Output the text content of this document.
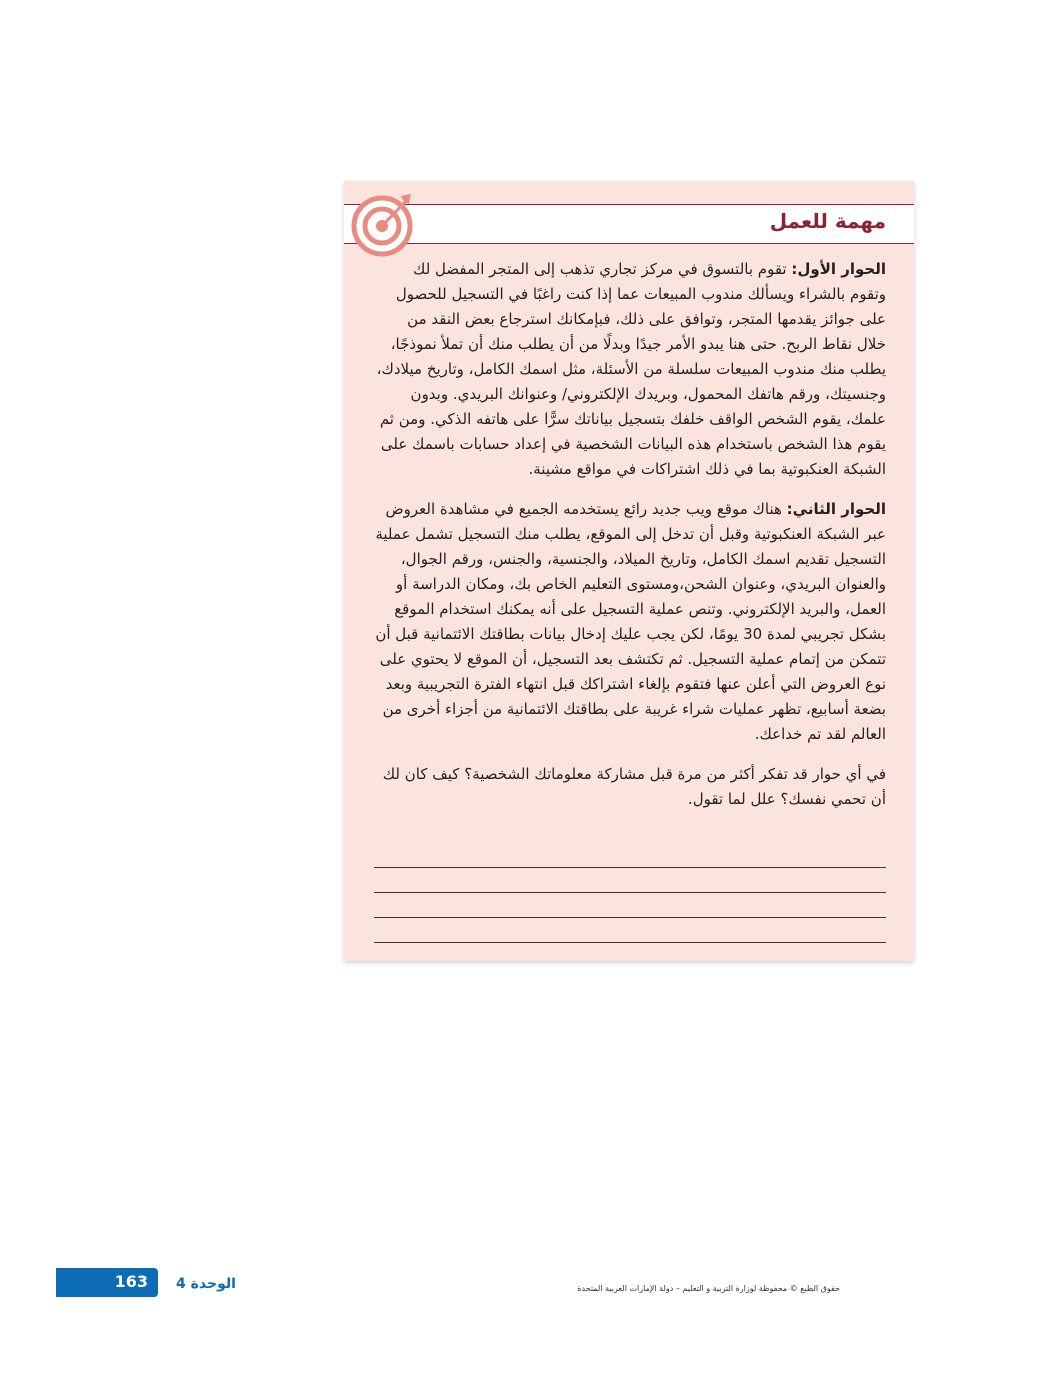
مهمة للعمل

الحوار الأول: تقوم بالتسوق في مركز تجاري تذهب إلى المتجر المفضل لك وتقوم بالشراء ويسألك مندوب المبيعات عما إذا كنت راغبًا في التسجيل للحصول على جوائز يقدمها المتجر، وتوافق على ذلك، فبإمكانك استرجاع بعض النقد من خلال نقاط الربح. حتى هنا يبدو الأمر جيدًا وبدلًا من أن يطلب منك أن تملأ نموذجًا، يطلب منك مندوب المبيعات سلسلة من الأسئلة، مثل اسمك الكامل، وتاريخ ميلادك، وجنسيتك، ورقم هاتفك المحمول، وبريدك الإلكتروني/ وعنوانك البريدي. وبدون علمك، يقوم الشخص الواقف خلفك بتسجيل بياناتك سرًّا على هاتفه الذكي. ومن ثم يقوم هذا الشخص باستخدام هذه البيانات الشخصية في إعداد حسابات باسمك على الشبكة العنكبوتية بما في ذلك اشتراكات في مواقع مشينة.

الحوار الثاني: هناك موقع ويب جديد رائع يستخدمه الجميع في مشاهدة العروض عبر الشبكة العنكبوتية وقبل أن تدخل إلى الموقع، يطلب منك التسجيل تشمل عملية التسجيل تقديم اسمك الكامل، وتاريخ الميلاد، والجنسية، والجنس، ورقم الجوال، والعنوان البريدي، وعنوان الشحن،ومستوى التعليم الخاص بك، ومكان الدراسة أو العمل، والبريد الإلكتروني. وتنص عملية التسجيل على أنه يمكنك استخدام الموقع بشكل تجريبي لمدة 30 يومًا، لكن يجب عليك إدخال بيانات بطاقتك الائتمانية قبل أن تتمكن من إتمام عملية التسجيل. ثم تكتشف بعد التسجيل، أن الموقع لا يحتوي على نوع العروض التي أعلن عنها فتقوم بإلغاء اشتراكك قبل انتهاء الفترة التجريبية وبعد بضعة أسابيع، تظهر عمليات شراء غريبة على بطاقتك الائتمانية من أجزاء أخرى من العالم لقد تم خداعك.

في أي حوار قد تفكر أكثر من مرة قبل مشاركة معلوماتك الشخصية؟ كيف كان لك أن تحمي نفسك؟ علل لما تقول.

163 الوحدة 4	حقوق الطبع © محفوظة لوزارة التربية و التعليم – دولة الإمارات العربية المتحدة
